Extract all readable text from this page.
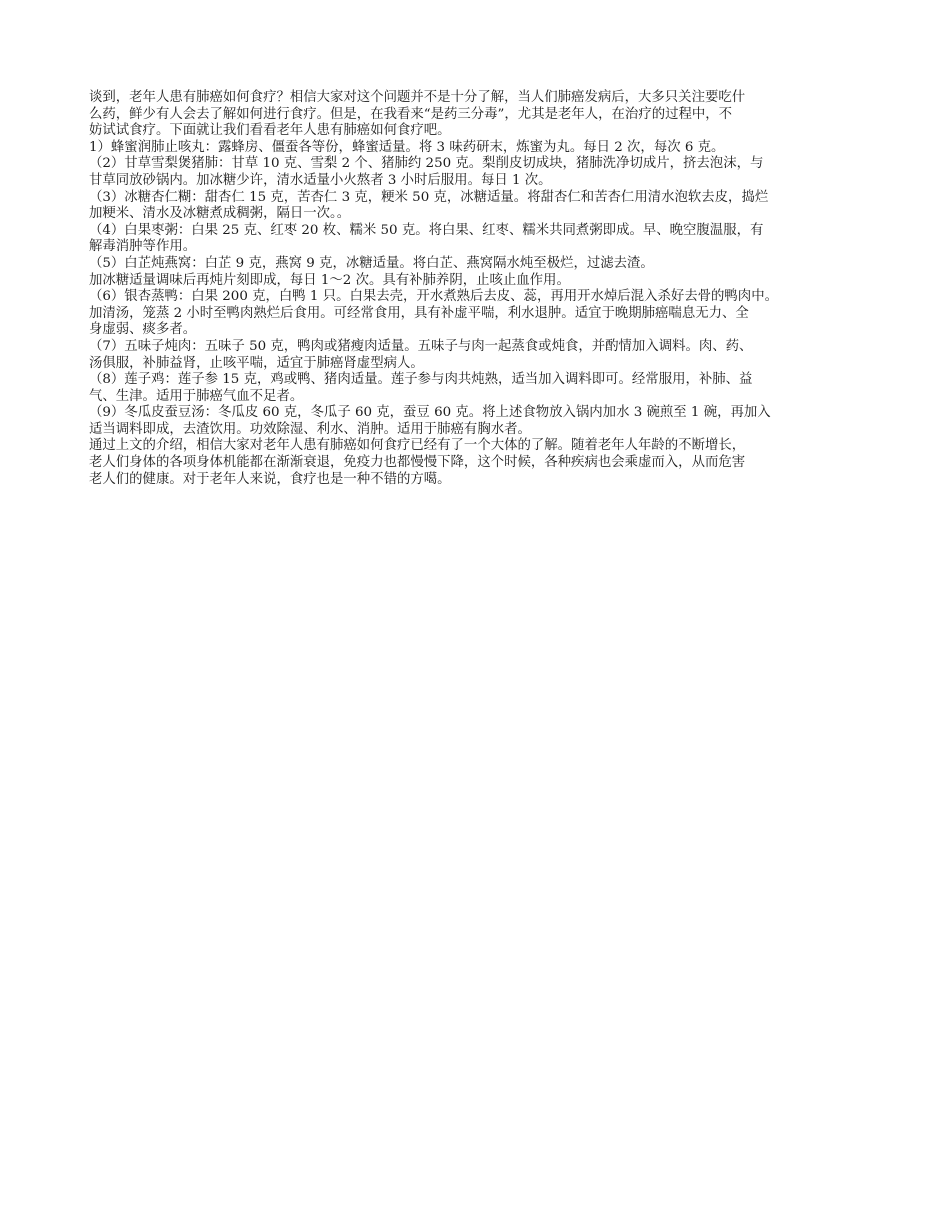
谈到，老年人患有肺癌如何食疗？相信大家对这个问题并不是十分了解，当人们肺癌发病后，大多只关注要吃什

么药，鲜少有人会去了解如何进行食疗。但是，在我看来“是药三分毒”，尤其是老年人，在治疗的过程中，不

妨试试食疗。下面就让我们看看老年人患有肺癌如何食疗吧。

1）蜂蜜润肺止咳丸：露蜂房、僵蚕各等份，蜂蜜适量。将 3 味药研末，炼蜜为丸。每日 2 次，每次 6 克。

（2）甘草雪梨煲猪肺：甘草 10 克、雪梨 2 个、猪肺约 250 克。梨削皮切成块，猪肺洗净切成片，挤去泡沫，与

甘草同放砂锅内。加冰糖少许，清水适量小火熬者 3 小时后服用。每日 1 次。

（3）冰糖杏仁糊：甜杏仁 15 克，苦杏仁 3 克，粳米 50 克，冰糖适量。将甜杏仁和苦杏仁用清水泡软去皮，捣烂

加粳米、清水及冰糖煮成稠粥，隔日一次。。

（4）白果枣粥：白果 25 克、红枣 20 枚、糯米 50 克。将白果、红枣、糯米共同煮粥即成。早、晚空腹温服，有

解毒消肿等作用。

（5）白芷炖燕窝：白芷 9 克，燕窝 9 克，冰糖适量。将白芷、燕窝隔水炖至极烂，过滤去渣。

加冰糖适量调味后再炖片刻即成，每日 1～2 次。具有补肺养阴，止咳止血作用。

（6）银杏蒸鸭：白果 200 克，白鸭 1 只。白果去壳，开水煮熟后去皮、蕊，再用开水焯后混入杀好去骨的鸭肉中。

加清汤，笼蒸 2 小时至鸭肉熟烂后食用。可经常食用，具有补虚平喘，利水退肿。适宜于晚期肺癌喘息无力、全

身虚弱、痰多者。

（7）五味子炖肉：五味子 50 克，鸭肉或猪瘦肉适量。五味子与肉一起蒸食或炖食，并酌情加入调料。肉、药、

汤俱服，补肺益肾，止咳平喘，适宜于肺癌肾虚型病人。

（8）莲子鸡：莲子参 15 克，鸡或鸭、猪肉适量。莲子参与肉共炖熟，适当加入调料即可。经常服用，补肺、益

气、生津。适用于肺癌气血不足者。

（9）冬瓜皮蚕豆汤：冬瓜皮 60 克，冬瓜子 60 克，蚕豆 60 克。将上述食物放入锅内加水 3 碗煎至 1 碗，再加入

适当调料即成，去渣饮用。功效除湿、利水、消肿。适用于肺癌有胸水者。

通过上文的介绍，相信大家对老年人患有肺癌如何食疗已经有了一个大体的了解。随着老年人年龄的不断增长，

老人们身体的各项身体机能都在渐渐衰退，免疫力也都慢慢下降，这个时候，各种疾病也会乘虚而入，从而危害

老人们的健康。对于老年人来说，食疗也是一种不错的方噶。
